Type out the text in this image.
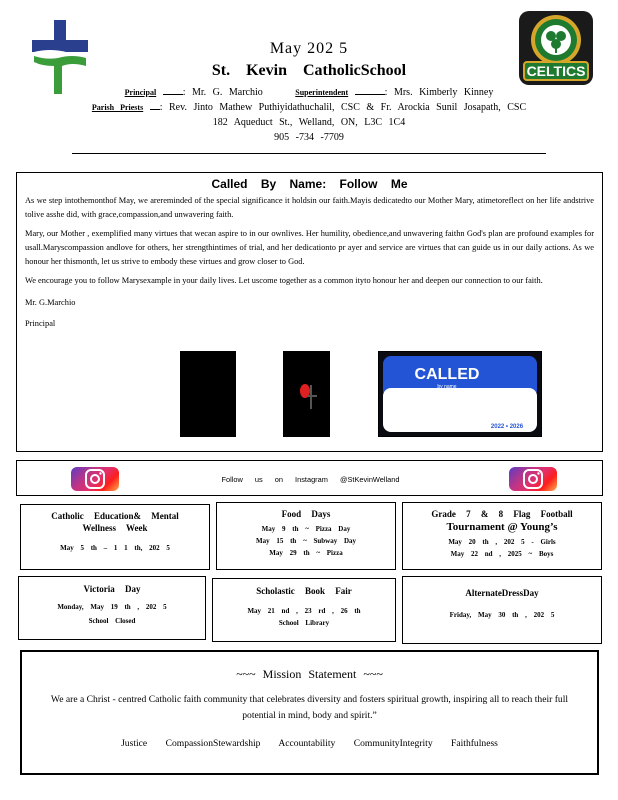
CELTICS
May 202 5
St. Kevin CatholicSchool
Principal	: Mr. G. Marchio	Superintendent	: Mrs. Kimberly Kinney
Parish Priests : Rev. Jinto Mathew Puthiyidathuchalil, CSC & Fr. Arockia Sunil Josapath, CSC
182 Aqueduct St., Welland, ON, L3C 1C4
905 -734 -7709
Called By Name: Follow Me

As we step intothemonthof May, we arereminded of the special significance it holdsin our faith.Mayis dedicatedto our Mother Mary, atimetoreflect on her life andstrive tolive asshe did, with grace,compassion,and unwavering faith.

Mary, our Mother , exemplified many virtues that wecan aspire to in our ownlives. Her humility, obedience,and unwavering faithn God's plan are profound examples for usall.Maryscompassion andlove for others, her strengthintimes of trial, and her dedicationto pr ayer and service are virtues that can guide us in our daily actions. As we honour her thismonth, let us strive to embody these virtues and grow closer to God.

We encourage you to follow Marysexample in your daily lives. Let uscome together as a common ityto honour her and deepen our connection to our faith.

Mr. G.Marchio
Principal
CALLED
by name
2022 • 2026
Follow us on Instagram @StKevinWelland
Catholic Education& Mental Wellness Week
May 5 th – 1 1 th, 202 5
Food Days
May 9 th ~ Pizza Day
May 15 th ~ Subway Day
May 29 th ~ Pizza
Grade 7 & 8 Flag Football
Tournament @ Young’s
May 20 th , 202 5 - Girls
May 22 nd , 2025 ~ Boys
Victoria Day
Monday, May 19 th , 202 5
School Closed
Scholastic Book Fair
May 21 nd , 23 rd , 26 th
School Library
AlternateDressDay
Friday, May 30 th , 202 5
~~~ Mission Statement ~~~
We are a Christ - centred Catholic faith community that celebrates diversity and fosters spiritual growth, inspiring all to reach their full potential in mind, body and spirit.”
Justice CompassionStewardship Accountability CommunityIntegrity Faithfulness
